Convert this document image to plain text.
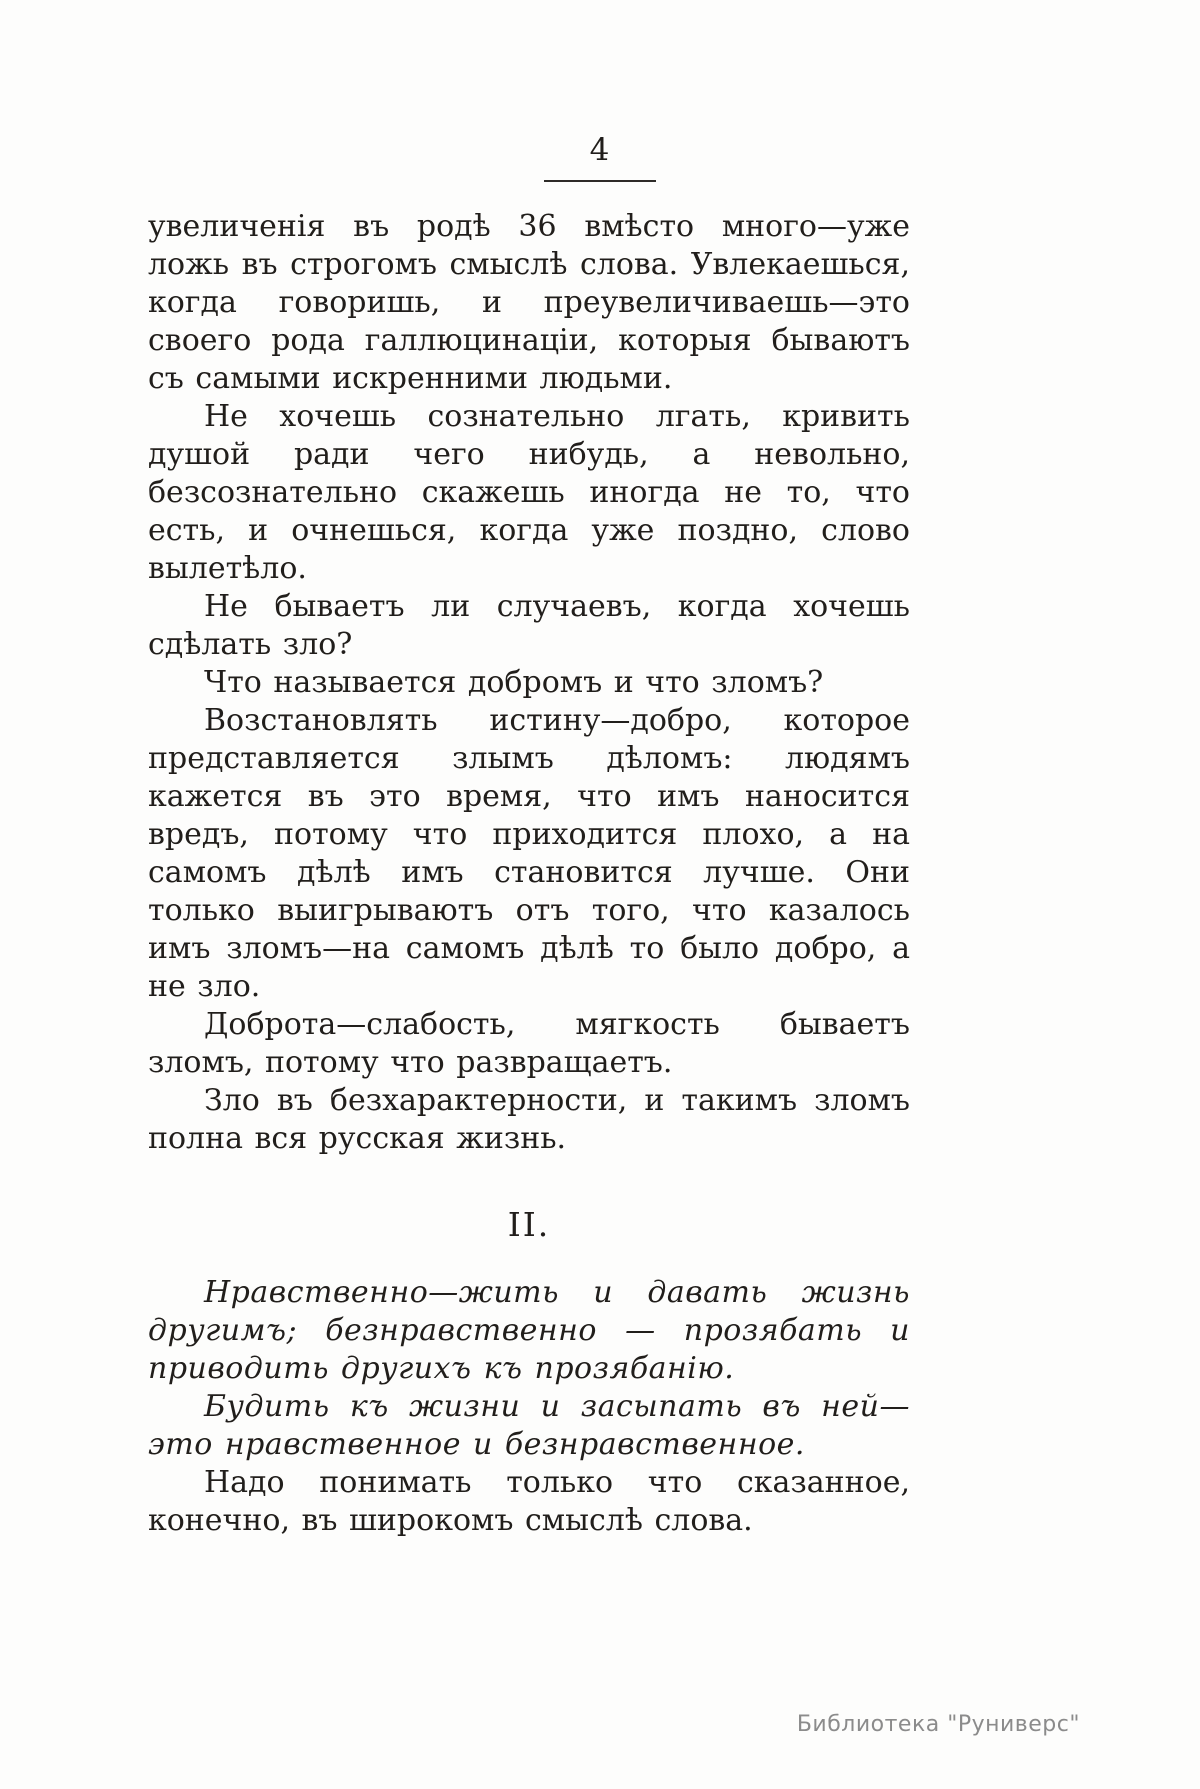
4

увеличенія въ родѣ 36 вмѣсто много—уже ложь въ строгомъ смыслѣ слова. Увлекаешься, когда говоришь, и преувеличиваешь—это своего рода галлюцинаціи, которыя бываютъ съ самыми искренними людьми.

Не хочешь сознательно лгать, кривить душой ради чего нибудь, а невольно, безсознательно скажешь иногда не то, что есть, и очнешься, когда уже поздно, слово вылетѣло.

Не бываетъ ли случаевъ, когда хочешь сдѣлать зло?

Что называется добромъ и что зломъ?

Возстановлять истину—добро, которое представляется злымъ дѣломъ: людямъ кажется въ это время, что имъ наносится вредъ, потому что приходится плохо, а на самомъ дѣлѣ имъ становится лучше. Они только выигрываютъ отъ того, что казалось имъ зломъ—на самомъ дѣлѣ то было добро, а не зло.

Доброта—слабость, мягкость бываетъ зломъ, потому что развращаетъ.

Зло въ безхарактерности, и такимъ зломъ полна вся русская жизнь.

II.

Нравственно—жить и давать жизнь другимъ; безнравственно — прозябать и приводить другихъ къ прозябанію.

Будить къ жизни и засыпать въ ней—это нравственное и безнравственное.

Надо понимать только что сказанное, конечно, въ широкомъ смыслѣ слова.

Библиотека "Руниверс"
